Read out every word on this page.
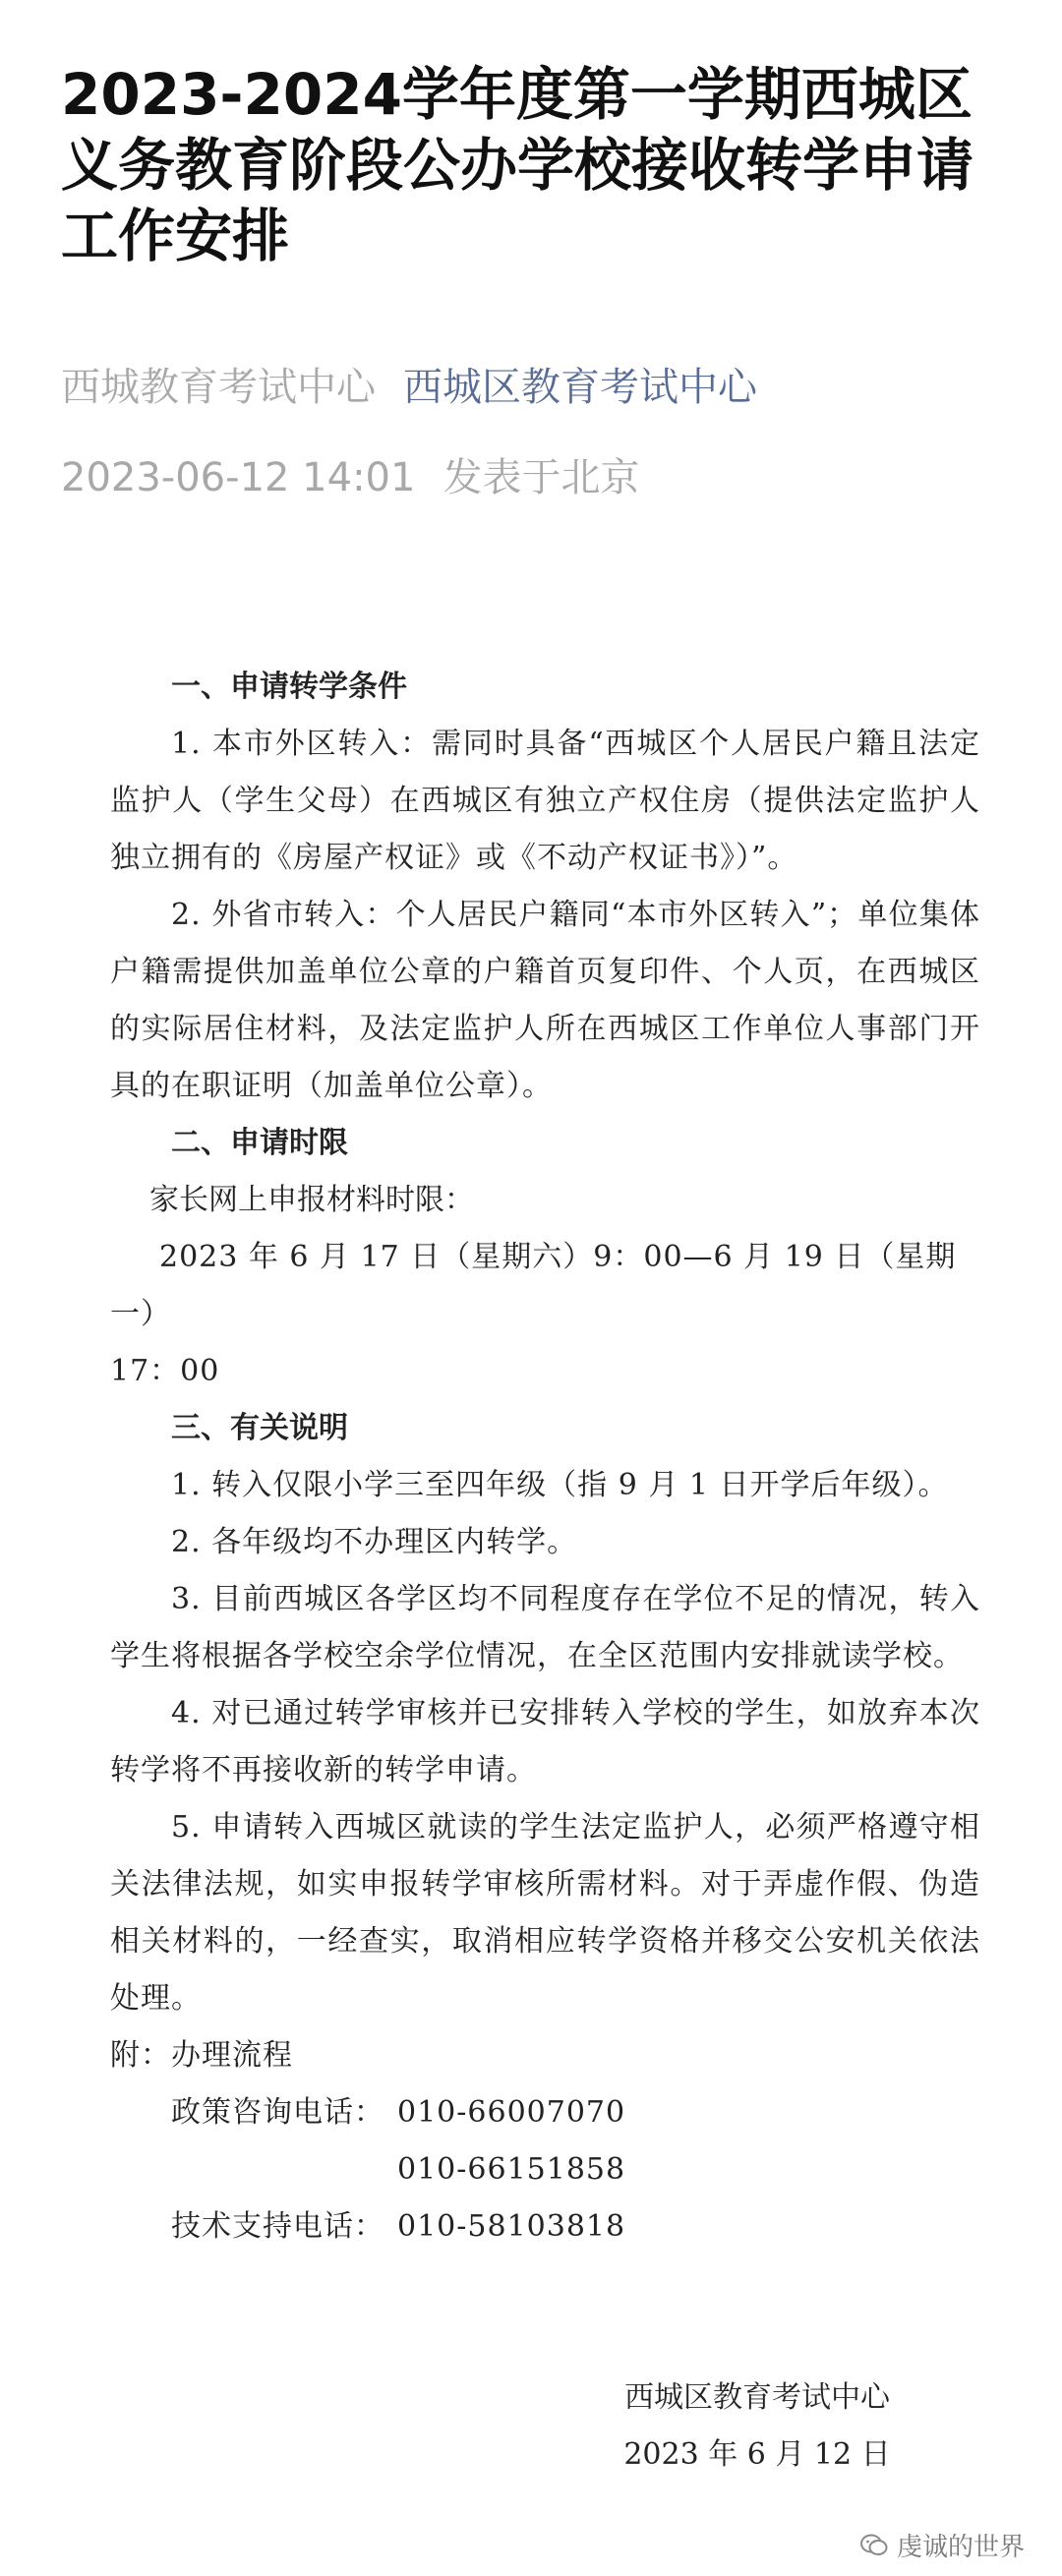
2023-2024学年度第一学期西城区义务教育阶段公办学校接收转学申请工作安排
西城教育考试中心 西城区教育考试中心
2023-06-12 14:01 发表于北京

一、申请转学条件

1. 本市外区转入：需同时具备“西城区个人居民户籍且法定监护人（学生父母）在西城区有独立产权住房（提供法定监护人独立拥有的《房屋产权证》或《不动产权证书》）”。

2. 外省市转入：个人居民户籍同“本市外区转入”；单位集体户籍需提供加盖单位公章的户籍首页复印件、个人页，在西城区的实际居住材料，及法定监护人所在西城区工作单位人事部门开具的在职证明（加盖单位公章）。

二、申请时限

家长网上申报材料时限：

2023 年 6 月 17 日（星期六）9：00—6 月 19 日（星期一）

17：00

三、有关说明

1. 转入仅限小学三至四年级（指 9 月 1 日开学后年级）。

2. 各年级均不办理区内转学。

3. 目前西城区各学区均不同程度存在学位不足的情况，转入学生将根据各学校空余学位情况，在全区范围内安排就读学校。

4. 对已通过转学审核并已安排转入学校的学生，如放弃本次转学将不再接收新的转学申请。

5. 申请转入西城区就读的学生法定监护人，必须严格遵守相关法律法规，如实申报转学审核所需材料。对于弄虚作假、伪造相关材料的，一经查实，取消相应转学资格并移交公安机关依法处理。

附：办理流程

政策咨询电话： 010-66007070
010-66151858
技术支持电话： 010-58103818

西城区教育考试中心

2023 年 6 月 12 日

虔诚的世界
